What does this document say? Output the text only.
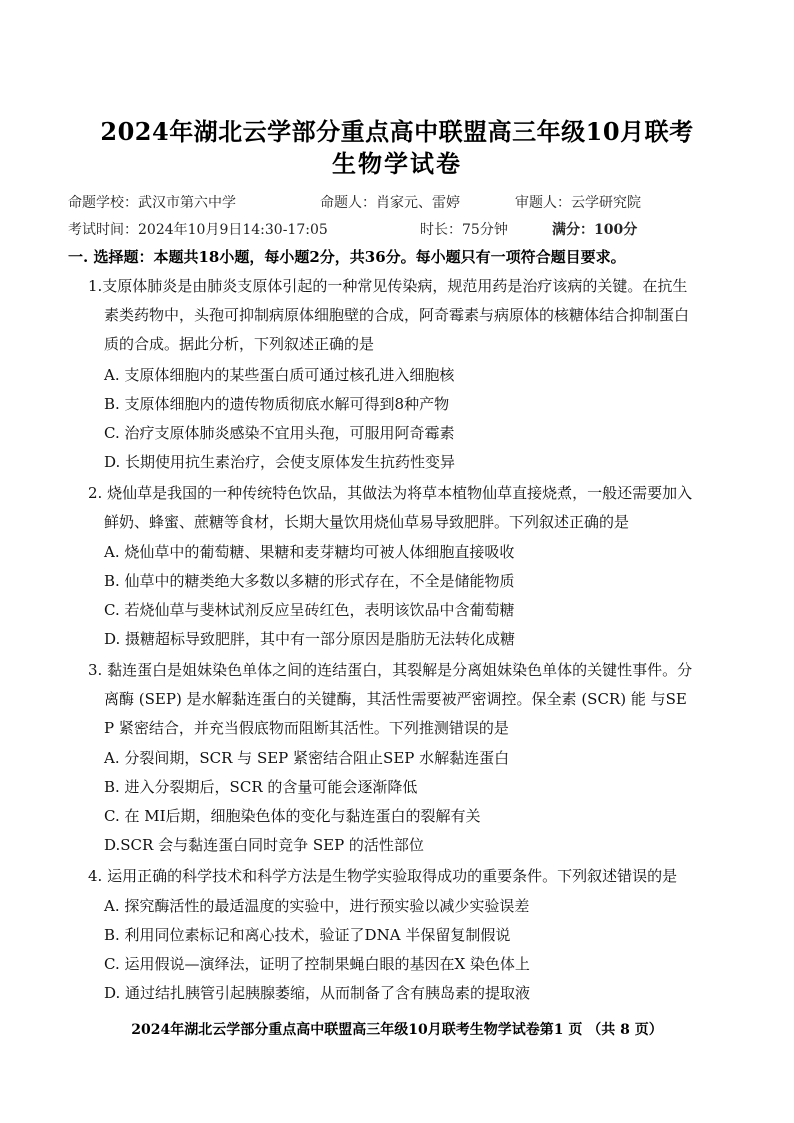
2024年湖北云学部分重点高中联盟高三年级10月联考
生物学试卷
命题学校：武汉市第六中学	命题人：肖家元、雷婷	审题人：云学研究院
考试时间：2024年10月9日14:30-17:05	时长：75分钟	满分：100分
一. 选择题：本题共18小题，每小题2分，共36分。每小题只有一项符合题目要求。
1.支原体肺炎是由肺炎支原体引起的一种常见传染病，规范用药是治疗该病的关键。在抗生
素类药物中，头孢可抑制病原体细胞壁的合成，阿奇霉素与病原体的核糖体结合抑制蛋白
质的合成。据此分析，下列叙述正确的是
A. 支原体细胞内的某些蛋白质可通过核孔进入细胞核
B. 支原体细胞内的遗传物质彻底水解可得到8种产物
C. 治疗支原体肺炎感染不宜用头孢，可服用阿奇霉素
D. 长期使用抗生素治疗，会使支原体发生抗药性变异
2. 烧仙草是我国的一种传统特色饮品，其做法为将草本植物仙草直接烧煮，一般还需要加入
鲜奶、蜂蜜、蔗糖等食材，长期大量饮用烧仙草易导致肥胖。下列叙述正确的是
A. 烧仙草中的葡萄糖、果糖和麦芽糖均可被人体细胞直接吸收
B. 仙草中的糖类绝大多数以多糖的形式存在，不全是储能物质
C. 若烧仙草与斐林试剂反应呈砖红色，表明该饮品中含葡萄糖
D. 摄糖超标导致肥胖，其中有一部分原因是脂肪无法转化成糖
3. 黏连蛋白是姐妹染色单体之间的连结蛋白，其裂解是分离姐妹染色单体的关键性事件。分
离酶 (SEP) 是水解黏连蛋白的关键酶，其活性需要被严密调控。保全素 (SCR) 能 与SE
P 紧密结合，并充当假底物而阻断其活性。下列推测错误的是
A. 分裂间期，SCR 与 SEP 紧密结合阻止SEP 水解黏连蛋白
B. 进入分裂期后，SCR 的含量可能会逐渐降低
C. 在 MI后期，细胞染色体的变化与黏连蛋白的裂解有关
D.SCR 会与黏连蛋白同时竞争 SEP 的活性部位
4. 运用正确的科学技术和科学方法是生物学实验取得成功的重要条件。下列叙述错误的是
A. 探究酶活性的最适温度的实验中，进行预实验以减少实验误差
B. 利用同位素标记和离心技术，验证了DNA 半保留复制假说
C. 运用假说—演绎法，证明了控制果蝇白眼的基因在X 染色体上
D. 通过结扎胰管引起胰腺萎缩，从而制备了含有胰岛素的提取液
2024年湖北云学部分重点高中联盟高三年级10月联考生物学试卷第1 页 （共 8 页）
